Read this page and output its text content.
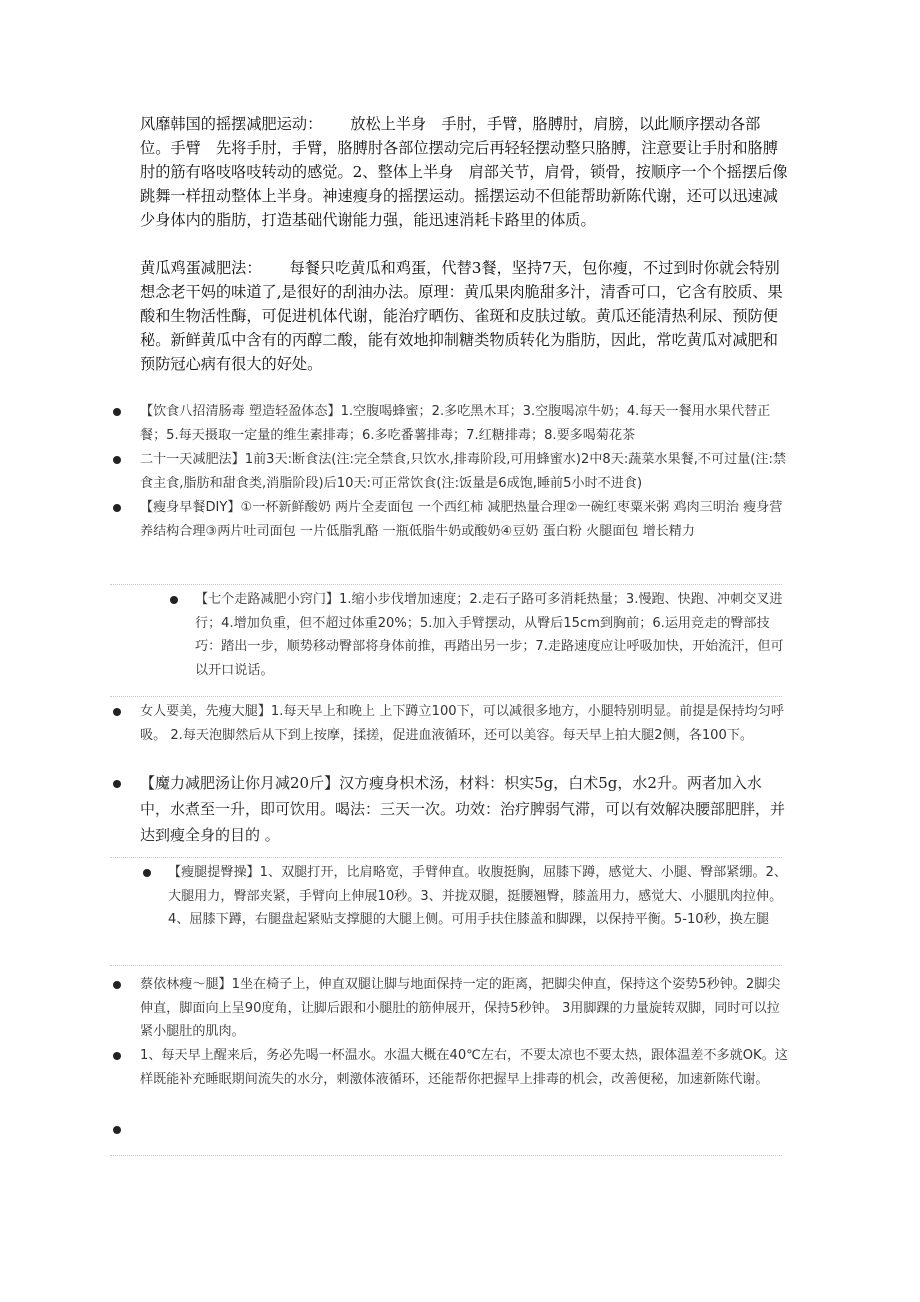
风靡韩国的摇摆减肥运动： 放松上半身　手肘，手臂，胳膊肘，肩膀，以此顺序摆动各部位。手臂　先将手肘，手臂，胳膊肘各部位摆动完后再轻轻摆动整只胳膊，注意要让手肘和胳膊肘的筋有咯吱咯吱转动的感觉。2、整体上半身　肩部关节，肩骨，锁骨，按顺序一个个摇摆后像跳舞一样扭动整体上半身。神速瘦身的摇摆运动。摇摆运动不但能帮助新陈代谢，还可以迅速减少身体内的脂肪，打造基础代谢能力强，能迅速消耗卡路里的体质。

黄瓜鸡蛋减肥法： 每餐只吃黄瓜和鸡蛋，代替3餐，坚持7天，包你瘦，不过到时你就会特别想念老干妈的味道了,是很好的刮油办法。原理：黄瓜果肉脆甜多汁，清香可口，它含有胶质、果酸和生物活性酶，可促进机体代谢，能治疗晒伤、雀斑和皮肤过敏。黄瓜还能清热利尿、预防便秘。新鲜黄瓜中含有的丙醇二酸，能有效地抑制糖类物质转化为脂肪，因此，常吃黄瓜对减肥和预防冠心病有很大的好处。

【饮食八招清肠毒 塑造轻盈体态】1.空腹喝蜂蜜；2.多吃黑木耳；3.空腹喝凉牛奶；4.每天一餐用水果代替正餐；5.每天摄取一定量的维生素排毒；6.多吃番薯排毒；7.红糖排毒；8.要多喝菊花茶

二十一天减肥法】1前3天:断食法(注:完全禁食,只饮水,排毒阶段,可用蜂蜜水)2中8天:蔬菜水果餐,不可过量(注:禁食主食,脂肪和甜食类,消脂阶段)后10天:可正常饮食(注:饭量是6成饱,睡前5小时不进食)

【瘦身早餐DIY】①一杯新鲜酸奶 两片全麦面包 一个西红柿 减肥热量合理②一碗红枣粟米粥 鸡肉三明治 瘦身营养结构合理③两片吐司面包 一片低脂乳酪 一瓶低脂牛奶或酸奶④豆奶 蛋白粉 火腿面包 增长精力

【七个走路减肥小窍门】1.缩小步伐增加速度；2.走石子路可多消耗热量；3.慢跑、快跑、冲刺交叉进行；4.增加负重，但不超过体重20%；5.加入手臂摆动，从臀后15cm到胸前；6.运用竞走的臀部技巧：踏出一步，顺势移动臀部将身体前推，再踏出另一步；7.走路速度应让呼吸加快，开始流汗，但可以开口说话。

女人要美，先瘦大腿】1.每天早上和晚上 上下蹲立100下，可以减很多地方，小腿特别明显。前提是保持均匀呼吸。 2.每天泡脚然后从下到上按摩，揉搓，促进血液循环，还可以美容。每天早上拍大腿2侧，各100下。

【魔力减肥汤让你月减20斤】汉方瘦身枳术汤，材料：枳实5g，白术5g，水2升。两者加入水中，水煮至一升，即可饮用。喝法：三天一次。功效：治疗脾弱气滞，可以有效解决腰部肥胖，并达到瘦全身的目的 。

【瘦腿提臀操】1、双腿打开，比肩略宽，手臂伸直。收腹挺胸，屈膝下蹲，感觉大、小腿、臀部紧绷。2、大腿用力，臀部夹紧，手臂向上伸展10秒。3、并拢双腿，挺腰翘臀，膝盖用力，感觉大、小腿肌肉拉伸。4、屈膝下蹲，右腿盘起紧贴支撑腿的大腿上侧。可用手扶住膝盖和脚踝，以保持平衡。5-10秒，换左腿

蔡依林瘦～腿】1坐在椅子上，伸直双腿让脚与地面保持一定的距离，把脚尖伸直，保持这个姿势5秒钟。2脚尖伸直，脚面向上呈90度角，让脚后跟和小腿肚的筋伸展开，保持5秒钟。 3用脚踝的力量旋转双脚，同时可以拉紧小腿肚的肌肉。

1、每天早上醒来后，务必先喝一杯温水。水温大概在40℃左右，不要太凉也不要太热，跟体温差不多就OK。这样既能补充睡眠期间流失的水分，刺激体液循环，还能帮你把握早上排毒的机会，改善便秘，加速新陈代谢。
